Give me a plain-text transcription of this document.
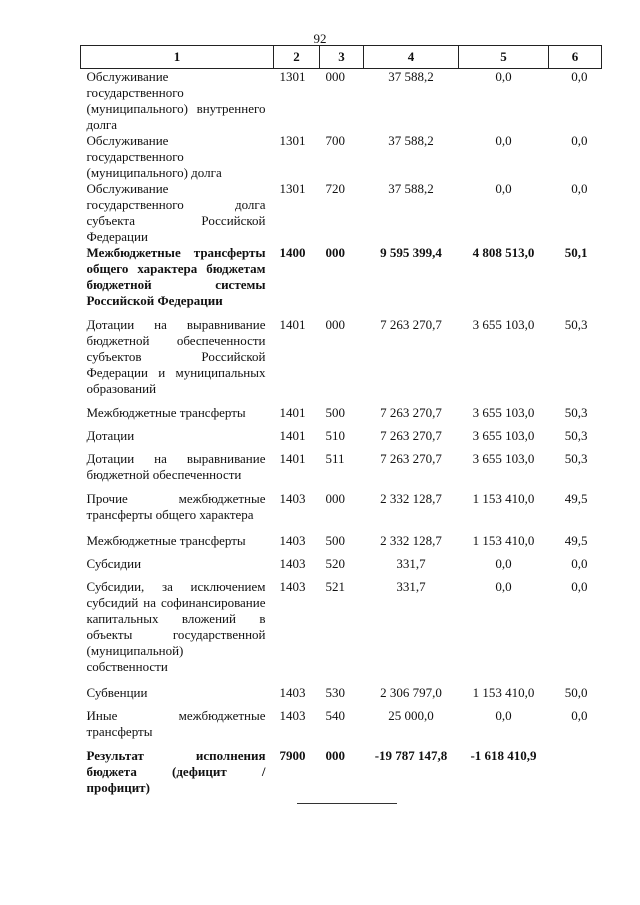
92
1	2	3	4	5	6
Обслуживание государственного (муниципального) внутреннего долга	1301	000	37 588,2	0,0	0,0
Обслуживание государственного (муниципального) долга	1301	700	37 588,2	0,0	0,0
Обслуживание государственного долга субъекта Российской Федерации	1301	720	37 588,2	0,0	0,0
Межбюджетные трансферты общего характера бюджетам бюджетной системы Российской Федерации	1400	000	9 595 399,4	4 808 513,0	50,1
Дотации на выравнивание бюджетной обеспеченности субъектов Российской Федерации и муниципальных образований	1401	000	7 263 270,7	3 655 103,0	50,3
Межбюджетные трансферты	1401	500	7 263 270,7	3 655 103,0	50,3
Дотации	1401	510	7 263 270,7	3 655 103,0	50,3
Дотации на выравнивание бюджетной обеспеченности	1401	511	7 263 270,7	3 655 103,0	50,3
Прочие межбюджетные трансферты общего характера	1403	000	2 332 128,7	1 153 410,0	49,5
Межбюджетные трансферты	1403	500	2 332 128,7	1 153 410,0	49,5
Субсидии	1403	520	331,7	0,0	0,0
Субсидии, за исключением субсидий на софинансирование капитальных вложений в объекты государственной (муниципальной) собственности	1403	521	331,7	0,0	0,0
Субвенции	1403	530	2 306 797,0	1 153 410,0	50,0
Иные межбюджетные трансферты	1403	540	25 000,0	0,0	0,0
Результат исполнения бюджета (дефицит / профицит)	7900	000	-19 787 147,8	-1 618 410,9	
